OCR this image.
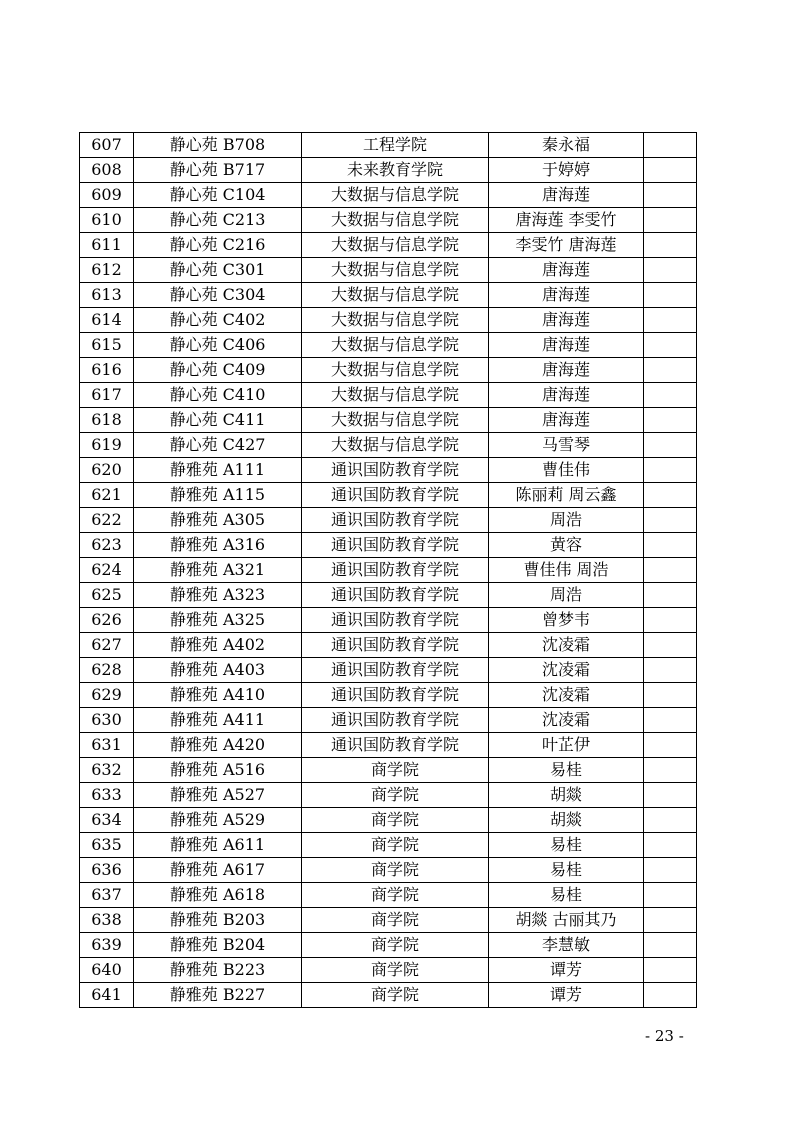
607	静心苑 B708	工程学院	秦永福	
608	静心苑 B717	未来教育学院	于婷婷	
609	静心苑 C104	大数据与信息学院	唐海莲	
610	静心苑 C213	大数据与信息学院	唐海莲 李雯竹	
611	静心苑 C216	大数据与信息学院	李雯竹 唐海莲	
612	静心苑 C301	大数据与信息学院	唐海莲	
613	静心苑 C304	大数据与信息学院	唐海莲	
614	静心苑 C402	大数据与信息学院	唐海莲	
615	静心苑 C406	大数据与信息学院	唐海莲	
616	静心苑 C409	大数据与信息学院	唐海莲	
617	静心苑 C410	大数据与信息学院	唐海莲	
618	静心苑 C411	大数据与信息学院	唐海莲	
619	静心苑 C427	大数据与信息学院	马雪琴	
620	静雅苑 A111	通识国防教育学院	曹佳伟	
621	静雅苑 A115	通识国防教育学院	陈丽莉 周云鑫	
622	静雅苑 A305	通识国防教育学院	周浩	
623	静雅苑 A316	通识国防教育学院	黄容	
624	静雅苑 A321	通识国防教育学院	曹佳伟 周浩	
625	静雅苑 A323	通识国防教育学院	周浩	
626	静雅苑 A325	通识国防教育学院	曾梦韦	
627	静雅苑 A402	通识国防教育学院	沈凌霜	
628	静雅苑 A403	通识国防教育学院	沈凌霜	
629	静雅苑 A410	通识国防教育学院	沈凌霜	
630	静雅苑 A411	通识国防教育学院	沈凌霜	
631	静雅苑 A420	通识国防教育学院	叶芷伊	
632	静雅苑 A516	商学院	易桂	
633	静雅苑 A527	商学院	胡燚	
634	静雅苑 A529	商学院	胡燚	
635	静雅苑 A611	商学院	易桂	
636	静雅苑 A617	商学院	易桂	
637	静雅苑 A618	商学院	易桂	
638	静雅苑 B203	商学院	胡燚 古丽其乃	
639	静雅苑 B204	商学院	李慧敏	
640	静雅苑 B223	商学院	谭芳	
641	静雅苑 B227	商学院	谭芳	
- 23 -
